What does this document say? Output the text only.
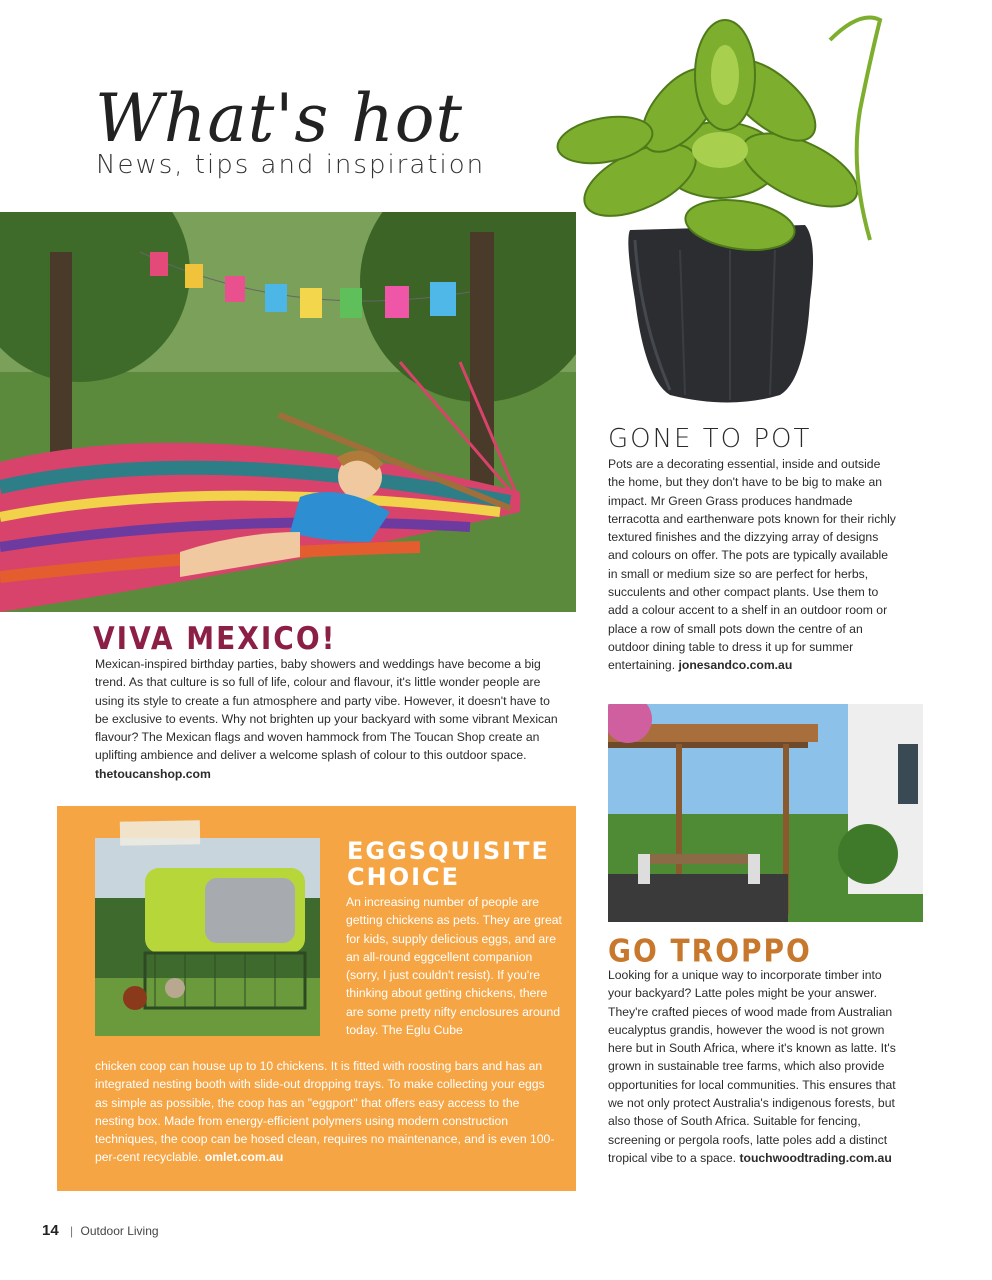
What's hot
News, tips and inspiration
GONE TO POT
Pots are a decorating essential, inside and outside the home, but they don't have to be big to make an impact. Mr Green Grass produces handmade terracotta and earthenware pots known for their richly textured finishes and the dizzying array of designs and colours on offer. The pots are typically available in small or medium size so are perfect for herbs, succulents and other compact plants. Use them to add a colour accent to a shelf in an outdoor room or place a row of small pots down the centre of an outdoor dining table to dress it up for summer entertaining. jonesandco.com.au
VIVA MEXICO!
Mexican-inspired birthday parties, baby showers and weddings have become a big trend. As that culture is so full of life, colour and flavour, it's little wonder people are using its style to create a fun atmosphere and party vibe. However, it doesn't have to be exclusive to events. Why not brighten up your backyard with some vibrant Mexican flavour? The Mexican flags and woven hammock from The Toucan Shop create an uplifting ambience and deliver a welcome splash of colour to this outdoor space. thetoucanshop.com
GO TROPPO
Looking for a unique way to incorporate timber into your backyard? Latte poles might be your answer. They're crafted pieces of wood made from Australian eucalyptus grandis, however the wood is not grown here but in South Africa, where it's known as latte. It's grown in sustainable tree farms, which also provide opportunities for local communities. This ensures that we not only protect Australia's indigenous forests, but also those of South Africa. Suitable for fencing, screening or pergola roofs, latte poles add a distinct tropical vibe to a space. touchwoodtrading.com.au
EGGSQUISITE
CHOICE
An increasing number of people are getting chickens as pets. They are great for kids, supply delicious eggs, and are an all-round eggcellent companion (sorry, I just couldn't resist). If you're thinking about getting chickens, there are some pretty nifty enclosures around today. The Eglu Cube
chicken coop can house up to 10 chickens. It is fitted with roosting bars and has an integrated nesting booth with slide-out dropping trays. To make collecting your eggs as simple as possible, the coop has an "eggport" that offers easy access to the nesting box. Made from energy-efficient polymers using modern construction techniques, the coop can be hosed clean, requires no maintenance, and is even 100-per-cent recyclable. omlet.com.au
14 | Outdoor Living
